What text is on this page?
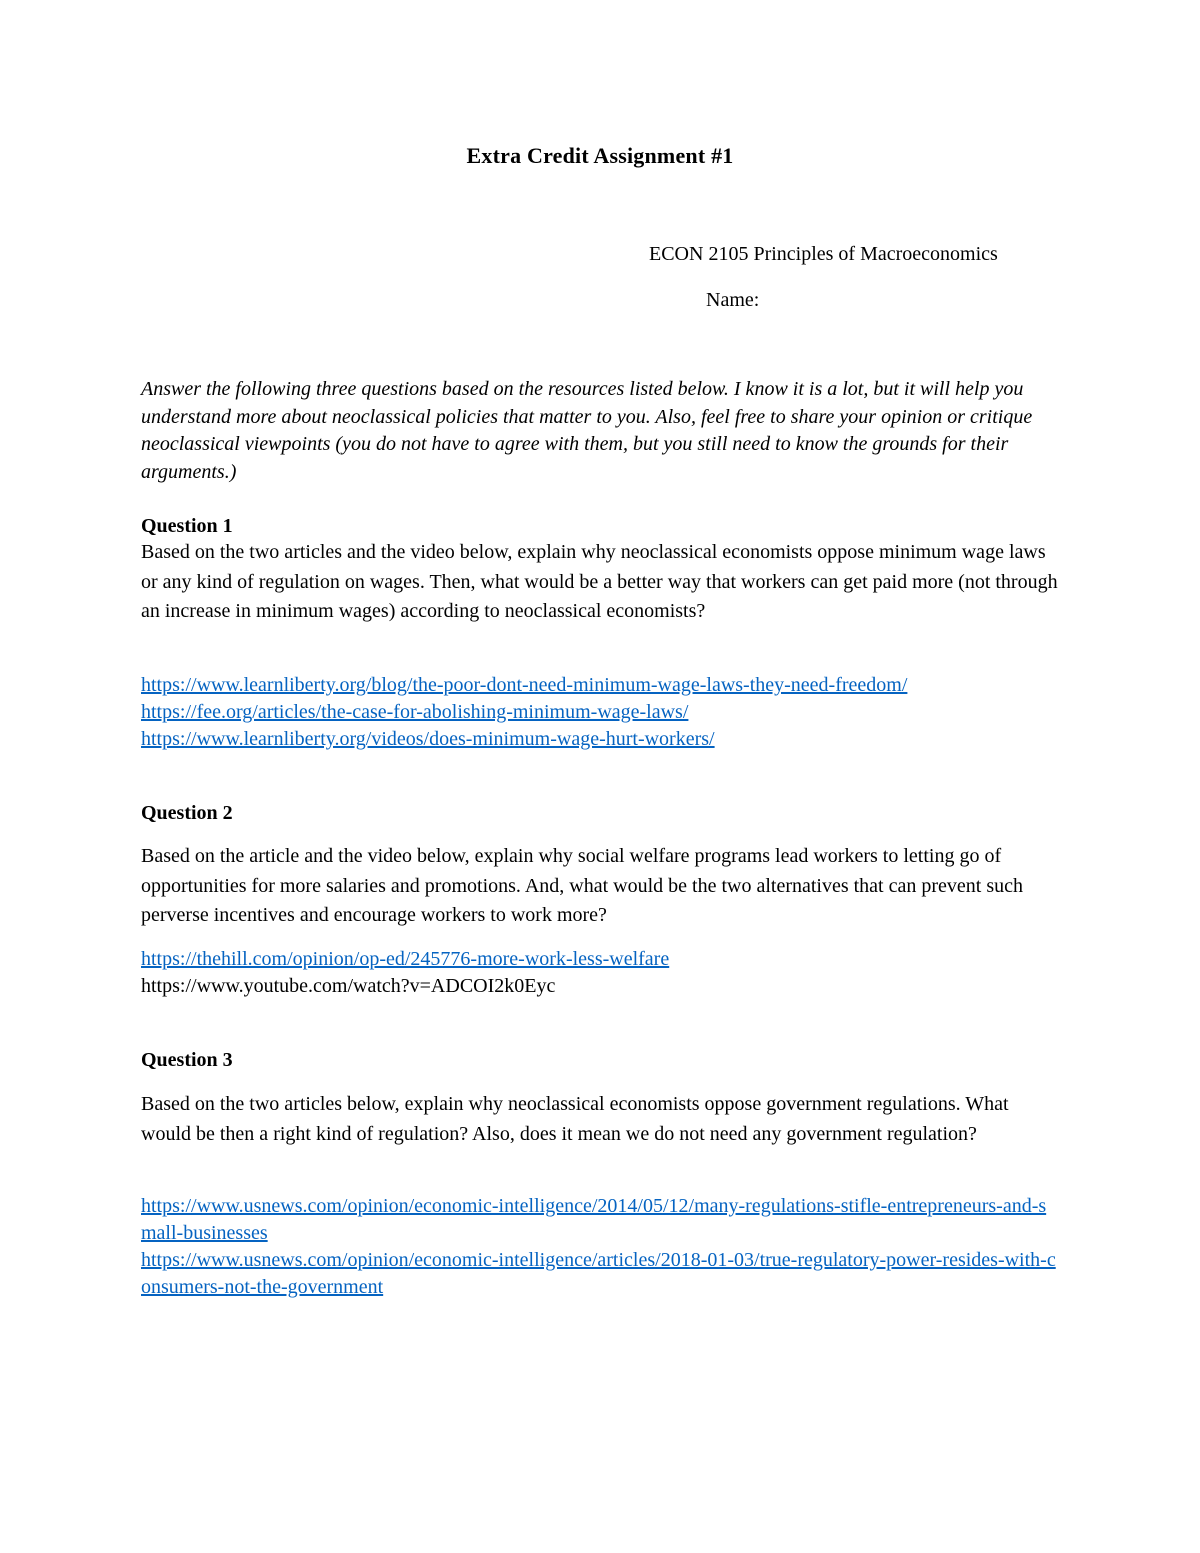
Extra Credit Assignment #1
ECON 2105 Principles of Macroeconomics
Name:
Answer the following three questions based on the resources listed below. I know it is a lot, but it will help you understand more about neoclassical policies that matter to you. Also, feel free to share your opinion or critique neoclassical viewpoints (you do not have to agree with them, but you still need to know the grounds for their arguments.)
Question 1
Based on the two articles and the video below, explain why neoclassical economists oppose minimum wage laws or any kind of regulation on wages. Then, what would be a better way that workers can get paid more (not through an increase in minimum wages) according to neoclassical economists?
https://www.learnliberty.org/blog/the-poor-dont-need-minimum-wage-laws-they-need-freedom/
https://fee.org/articles/the-case-for-abolishing-minimum-wage-laws/
https://www.learnliberty.org/videos/does-minimum-wage-hurt-workers/
Question 2
Based on the article and the video below, explain why social welfare programs lead workers to letting go of opportunities for more salaries and promotions. And, what would be the two alternatives that can prevent such perverse incentives and encourage workers to work more?
https://thehill.com/opinion/op-ed/245776-more-work-less-welfare
https://www.youtube.com/watch?v=ADCOI2k0Eyc
Question 3
Based on the two articles below, explain why neoclassical economists oppose government regulations. What would be then a right kind of regulation? Also, does it mean we do not need any government regulation?
https://www.usnews.com/opinion/economic-intelligence/2014/05/12/many-regulations-stifle-entrepreneurs-and-small-businesses
https://www.usnews.com/opinion/economic-intelligence/articles/2018-01-03/true-regulatory-power-resides-with-consumers-not-the-government
